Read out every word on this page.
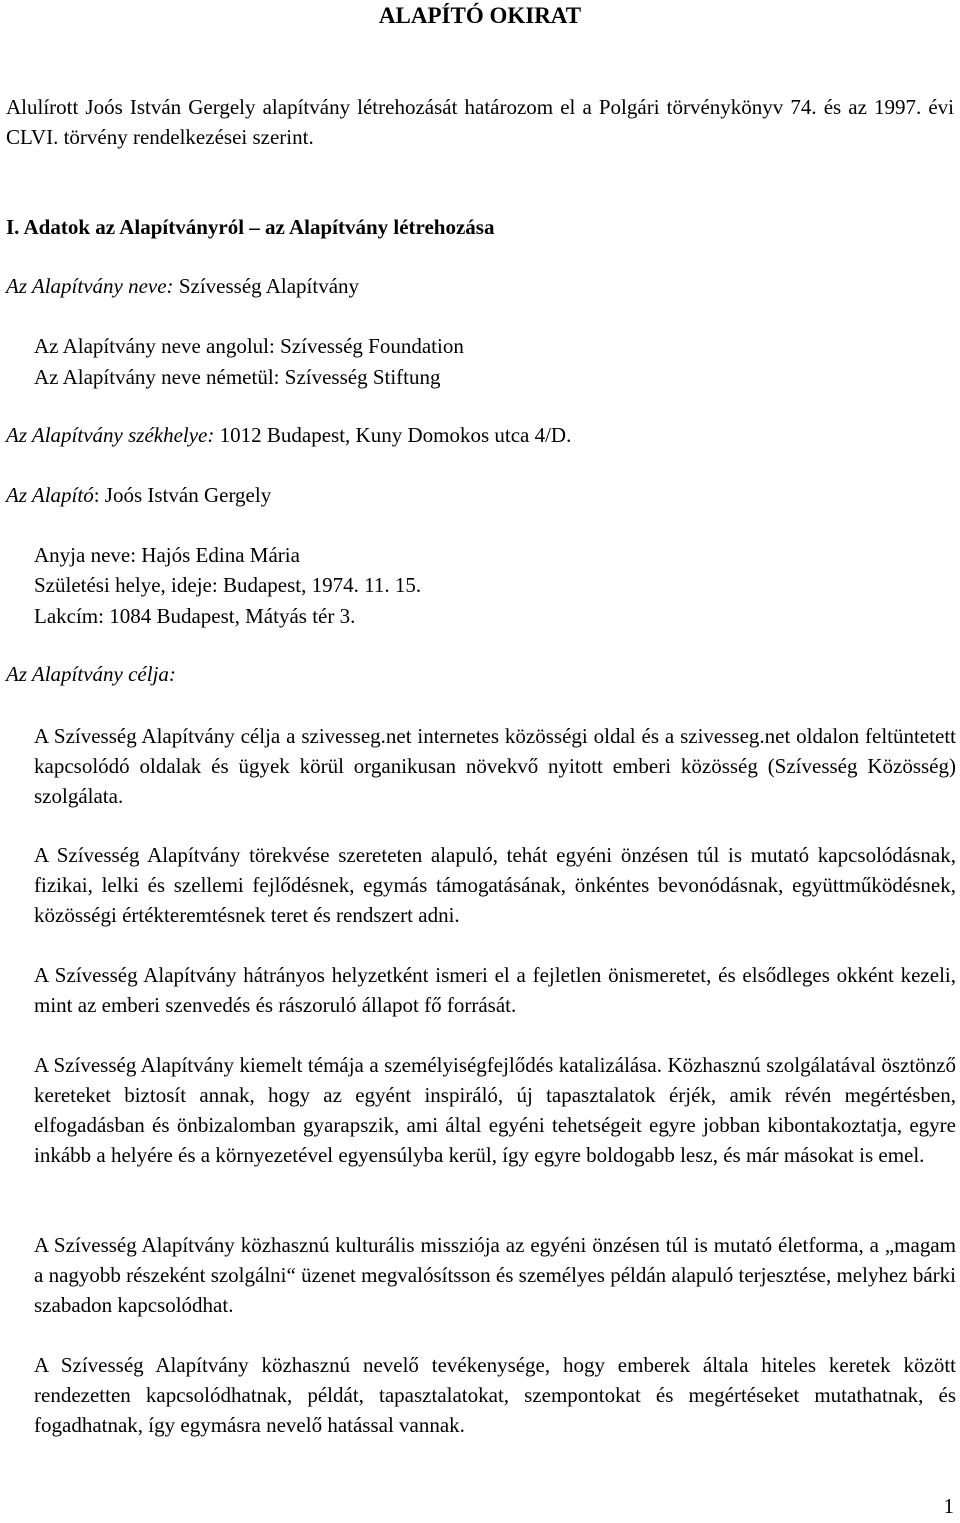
ALAPÍTÓ OKIRAT

Alulírott Joós István Gergely alapítvány létrehozását határozom el a Polgári törvénykönyv 74. és az 1997. évi CLVI. törvény rendelkezései szerint.

I. Adatok az Alapítványról – az Alapítvány létrehozása

Az Alapítvány neve: Szívesség Alapítvány

Az Alapítvány neve angolul: Szívesség Foundation

Az Alapítvány neve németül: Szívesség Stiftung

Az Alapítvány székhelye: 1012 Budapest, Kuny Domokos utca 4/D.

Az Alapító: Joós István Gergely

Anyja neve: Hajós Edina Mária

Születési helye, ideje: Budapest, 1974. 11. 15.

Lakcím: 1084 Budapest, Mátyás tér 3.

Az Alapítvány célja:

A Szívesség Alapítvány célja a szivesseg.net internetes közösségi oldal és a szivesseg.net oldalon feltüntetett kapcsolódó oldalak és ügyek körül organikusan növekvő nyitott emberi közösség (Szívesség Közösség) szolgálata.

A Szívesség Alapítvány törekvése szereteten alapuló, tehát egyéni önzésen túl is mutató kapcsolódásnak, fizikai, lelki és szellemi fejlődésnek, egymás támogatásának, önkéntes bevonódásnak, együttműködésnek, közösségi értékteremtésnek teret és rendszert adni.

A Szívesség Alapítvány hátrányos helyzetként ismeri el a fejletlen önismeretet, és elsődleges okként kezeli, mint az emberi szenvedés és rászoruló állapot fő forrását.

A Szívesség Alapítvány kiemelt témája a személyiségfejlődés katalizálása. Közhasznú szolgálatával ösztönző kereteket biztosít annak, hogy az egyént inspiráló, új tapasztalatok érjék, amik révén megértésben, elfogadásban és önbizalomban gyarapszik, ami által egyéni tehetségeit egyre jobban kibontakoztatja, egyre inkább a helyére és a környezetével egyensúlyba kerül, így egyre boldogabb lesz, és már másokat is emel.

A Szívesség Alapítvány közhasznú kulturális missziója az egyéni önzésen túl is mutató életforma, a „magam a nagyobb részeként szolgálni“ üzenet megvalósítsson és személyes példán alapuló terjesztése, melyhez bárki szabadon kapcsolódhat.

A Szívesség Alapítvány közhasznú nevelő tevékenysége, hogy emberek általa hiteles keretek között rendezetten kapcsolódhatnak, példát, tapasztalatokat, szempontokat és megértéseket mutathatnak, és fogadhatnak, így egymásra nevelő hatással vannak.

1
